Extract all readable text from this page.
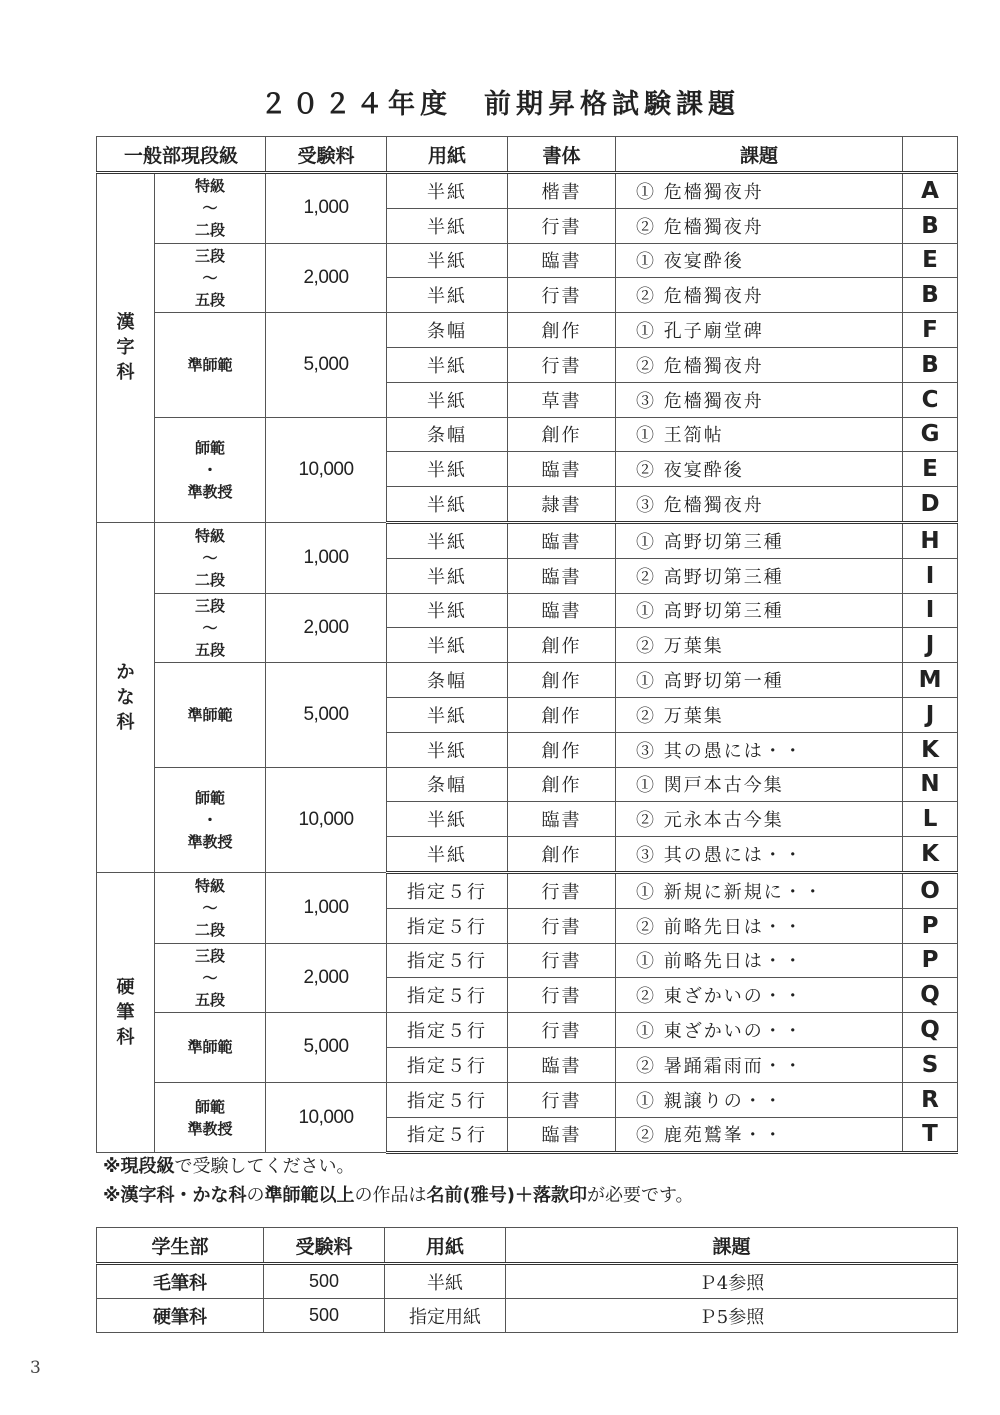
２０２４年度　前期昇格試験課題
一般部現段級		受験料	用紙	書体	課題	
漢
字
科	特級
〜
二段	1,000	半紙	楷書	① 危檣獨夜舟	A
			半紙	行書	② 危檣獨夜舟	B
	三段
〜
五段	2,000	半紙	臨書	① 夜宴酔後	E
			半紙	行書	② 危檣獨夜舟	B
	準師範	5,000	条幅	創作	① 孔子廟堂碑	F
			半紙	行書	② 危檣獨夜舟	B
			半紙	草書	③ 危檣獨夜舟	C
	師範
・
準教授	10,000	条幅	創作	① 王箚帖	G
			半紙	臨書	② 夜宴酔後	E
			半紙	隷書	③ 危檣獨夜舟	D
か
な
科	特級
〜
二段	1,000	半紙	臨書	① 高野切第三種	H
			半紙	臨書	② 高野切第三種	I
	三段
〜
五段	2,000	半紙	臨書	① 高野切第三種	I
			半紙	創作	② 万葉集	J
	準師範	5,000	条幅	創作	① 高野切第一種	M
			半紙	創作	② 万葉集	J
			半紙	創作	③ 其の愚には・・	K
	師範
・
準教授	10,000	条幅	創作	① 関戸本古今集	N
			半紙	臨書	② 元永本古今集	L
			半紙	創作	③ 其の愚には・・	K
硬
筆
科	特級
〜
二段	1,000	指定５行	行書	① 新規に新規に・・	O
			指定５行	行書	② 前略先日は・・	P
	三段
〜
五段	2,000	指定５行	行書	① 前略先日は・・	P
			指定５行	行書	② 東ざかいの・・	Q
	準師範	5,000	指定５行	行書	① 東ざかいの・・	Q
			指定５行	臨書	② 暑踊霜雨而・・	S
	師範
準教授	10,000	指定５行	行書	① 親譲りの・・	R
			指定５行	臨書	② 鹿苑鷲峯・・	T
※現段級で受験してください。
※漢字科・かな科の準師範以上の作品は名前(雅号)＋落款印が必要です。
学生部	受験料	用紙	課題
毛筆科	500	半紙	Ｐ4参照
硬筆科	500	指定用紙	Ｐ5参照
3
